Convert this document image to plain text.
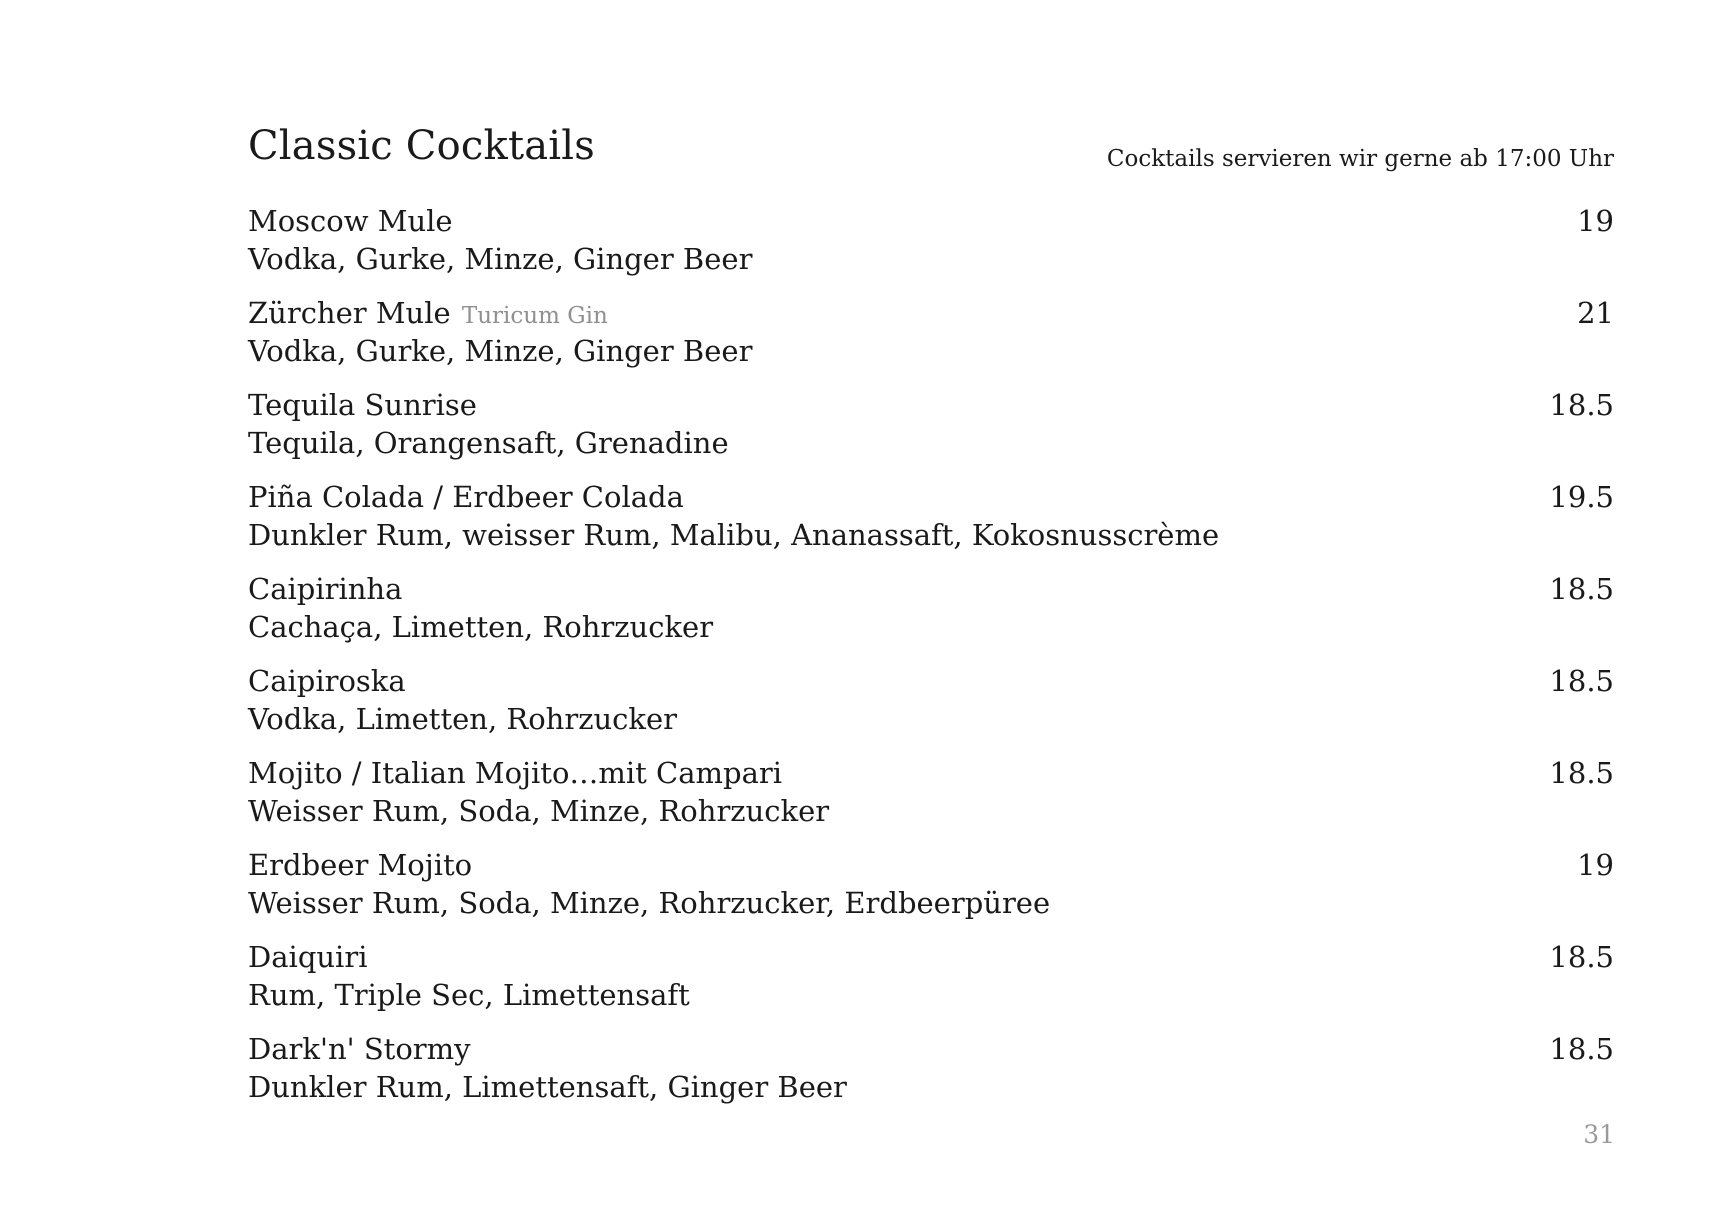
Classic Cocktails	Cocktails servieren wir gerne ab 17:00 Uhr
Moscow Mule
Vodka, Gurke, Minze, Ginger Beer
19
Zürcher Mule Turicum Gin
Vodka, Gurke, Minze, Ginger Beer
21
Tequila Sunrise
Tequila, Orangensaft, Grenadine
18.5
Piña Colada / Erdbeer Colada
Dunkler Rum, weisser Rum, Malibu, Ananassaft, Kokosnusscrème
19.5
Caipirinha
Cachaça, Limetten, Rohrzucker
18.5
Caipiroska
Vodka, Limetten, Rohrzucker
18.5
Mojito / Italian Mojito…mit Campari
Weisser Rum, Soda, Minze, Rohrzucker
18.5
Erdbeer Mojito
Weisser Rum, Soda, Minze, Rohrzucker, Erdbeerpüree
19
Daiquiri
Rum, Triple Sec, Limettensaft
18.5
Dark'n' Stormy
Dunkler Rum, Limettensaft, Ginger Beer
18.5
31
